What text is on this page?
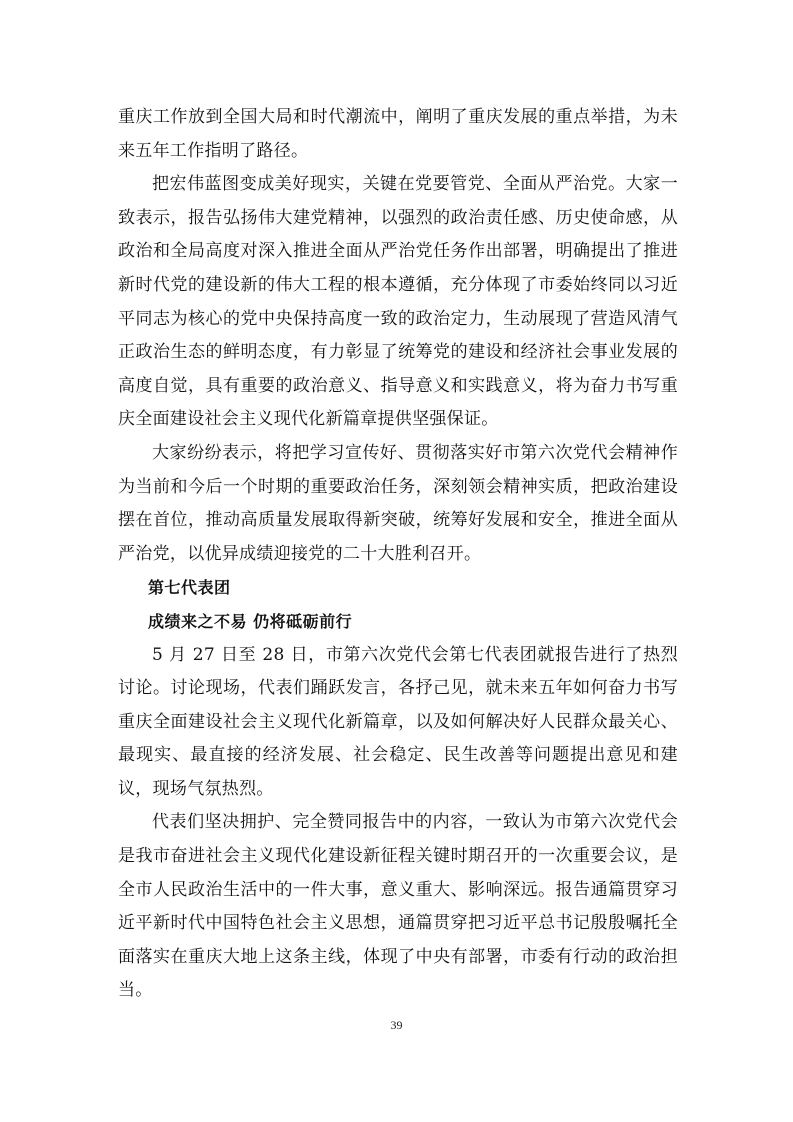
重庆工作放到全国大局和时代潮流中，阐明了重庆发展的重点举措，为未来五年工作指明了路径。

把宏伟蓝图变成美好现实，关键在党要管党、全面从严治党。大家一致表示，报告弘扬伟大建党精神，以强烈的政治责任感、历史使命感，从政治和全局高度对深入推进全面从严治党任务作出部署，明确提出了推进新时代党的建设新的伟大工程的根本遵循，充分体现了市委始终同以习近平同志为核心的党中央保持高度一致的政治定力，生动展现了营造风清气正政治生态的鲜明态度，有力彰显了统筹党的建设和经济社会事业发展的高度自觉，具有重要的政治意义、指导意义和实践意义，将为奋力书写重庆全面建设社会主义现代化新篇章提供坚强保证。

大家纷纷表示，将把学习宣传好、贯彻落实好市第六次党代会精神作为当前和今后一个时期的重要政治任务，深刻领会精神实质，把政治建设摆在首位，推动高质量发展取得新突破，统筹好发展和安全，推进全面从严治党，以优异成绩迎接党的二十大胜利召开。

第七代表团

成绩来之不易 仍将砥砺前行

5 月 27 日至 28 日，市第六次党代会第七代表团就报告进行了热烈讨论。讨论现场，代表们踊跃发言，各抒己见，就未来五年如何奋力书写重庆全面建设社会主义现代化新篇章，以及如何解决好人民群众最关心、最现实、最直接的经济发展、社会稳定、民生改善等问题提出意见和建议，现场气氛热烈。

代表们坚决拥护、完全赞同报告中的内容，一致认为市第六次党代会是我市奋进社会主义现代化建设新征程关键时期召开的一次重要会议，是全市人民政治生活中的一件大事，意义重大、影响深远。报告通篇贯穿习近平新时代中国特色社会主义思想，通篇贯穿把习近平总书记殷殷嘱托全面落实在重庆大地上这条主线，体现了中央有部署，市委有行动的政治担当。

39
